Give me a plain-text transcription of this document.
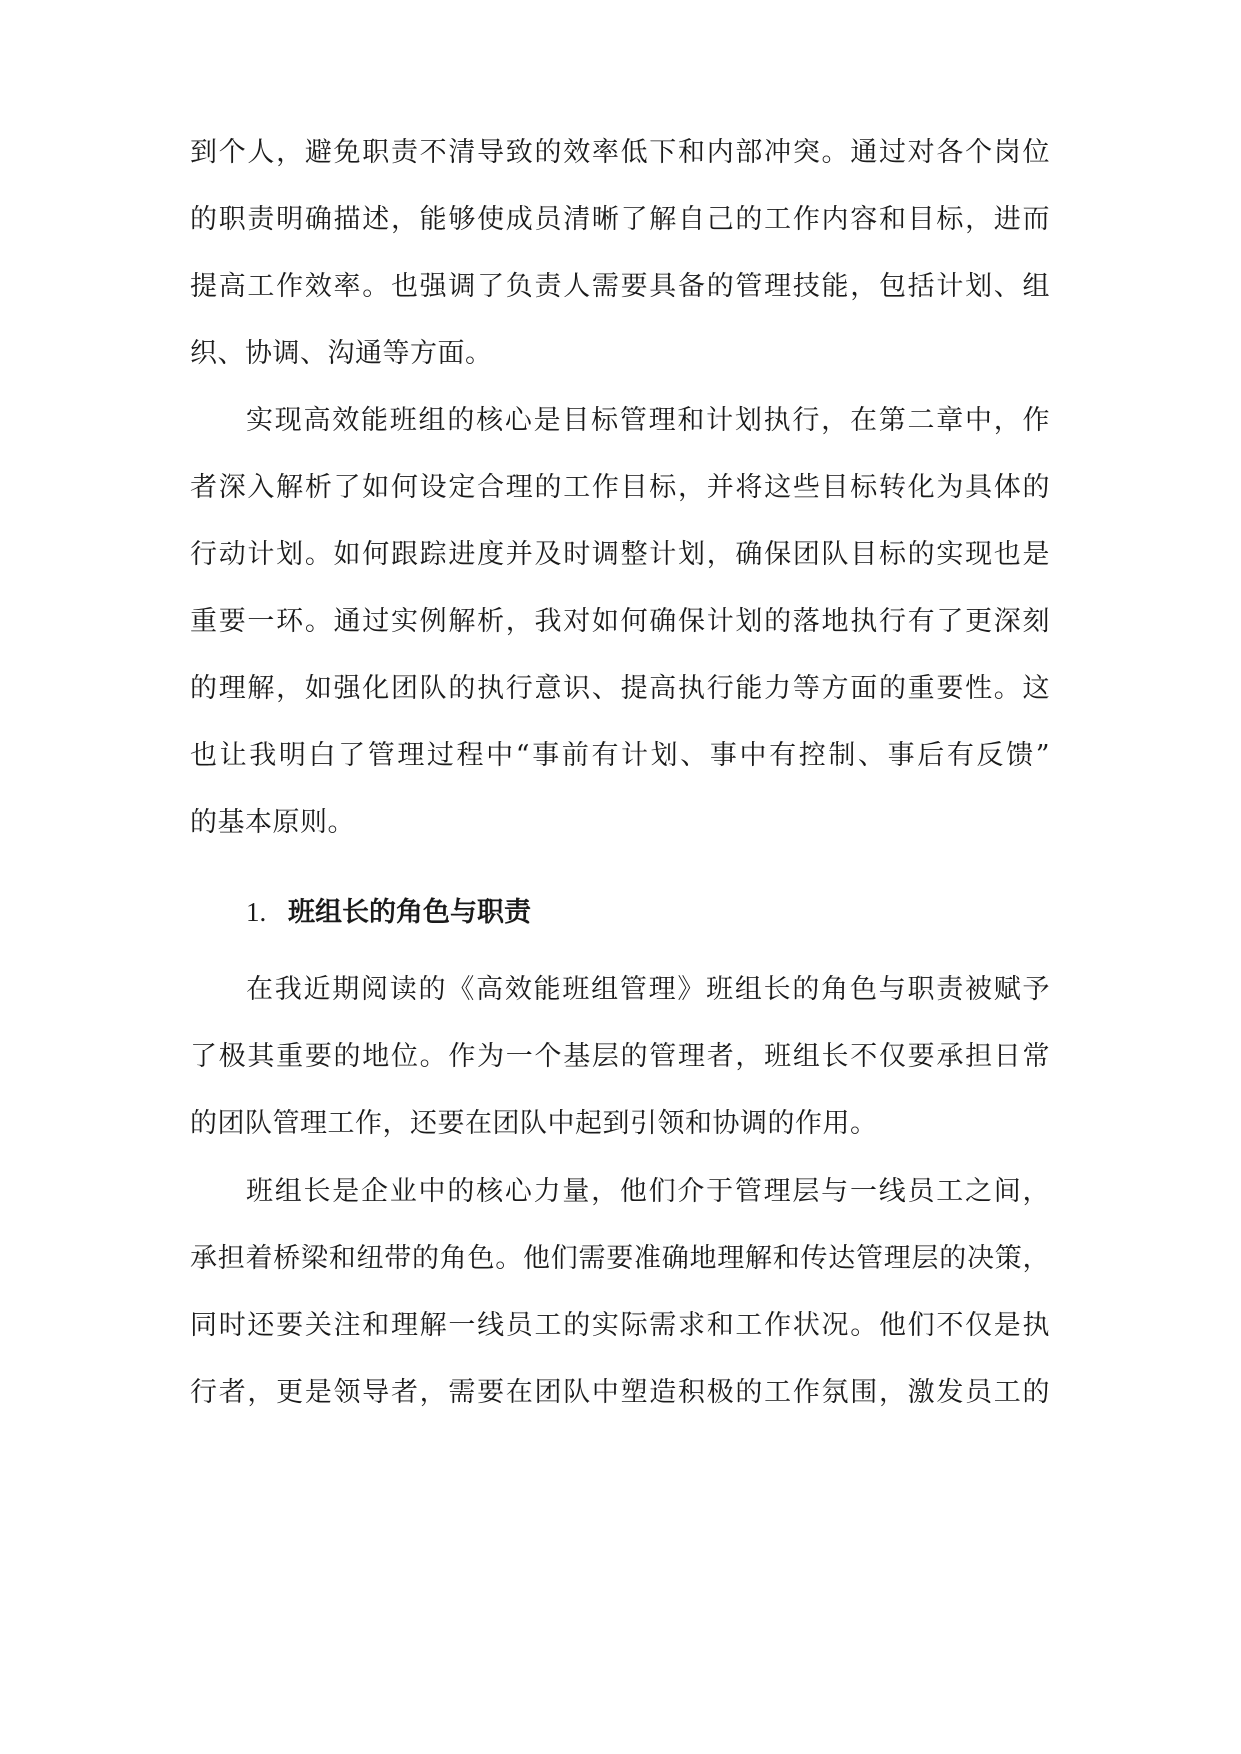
到个人，避免职责不清导致的效率低下和内部冲突。通过对各个岗位
的职责明确描述，能够使成员清晰了解自己的工作内容和目标，进而
提高工作效率。也强调了负责人需要具备的管理技能，包括计划、组
织、协调、沟通等方面。
实现高效能班组的核心是目标管理和计划执行，在第二章中，作
者深入解析了如何设定合理的工作目标，并将这些目标转化为具体的
行动计划。如何跟踪进度并及时调整计划，确保团队目标的实现也是
重要一环。通过实例解析，我对如何确保计划的落地执行有了更深刻
的理解，如强化团队的执行意识、提高执行能力等方面的重要性。这
也让我明白了管理过程中“事前有计划、事中有控制、事后有反馈”
的基本原则。
1. 班组长的角色与职责
在我近期阅读的《高效能班组管理》班组长的角色与职责被赋予
了极其重要的地位。作为一个基层的管理者，班组长不仅要承担日常
的团队管理工作，还要在团队中起到引领和协调的作用。
班组长是企业中的核心力量，他们介于管理层与一线员工之间，
承担着桥梁和纽带的角色。他们需要准确地理解和传达管理层的决策，
同时还要关注和理解一线员工的实际需求和工作状况。他们不仅是执
行者，更是领导者，需要在团队中塑造积极的工作氛围，激发员工的
